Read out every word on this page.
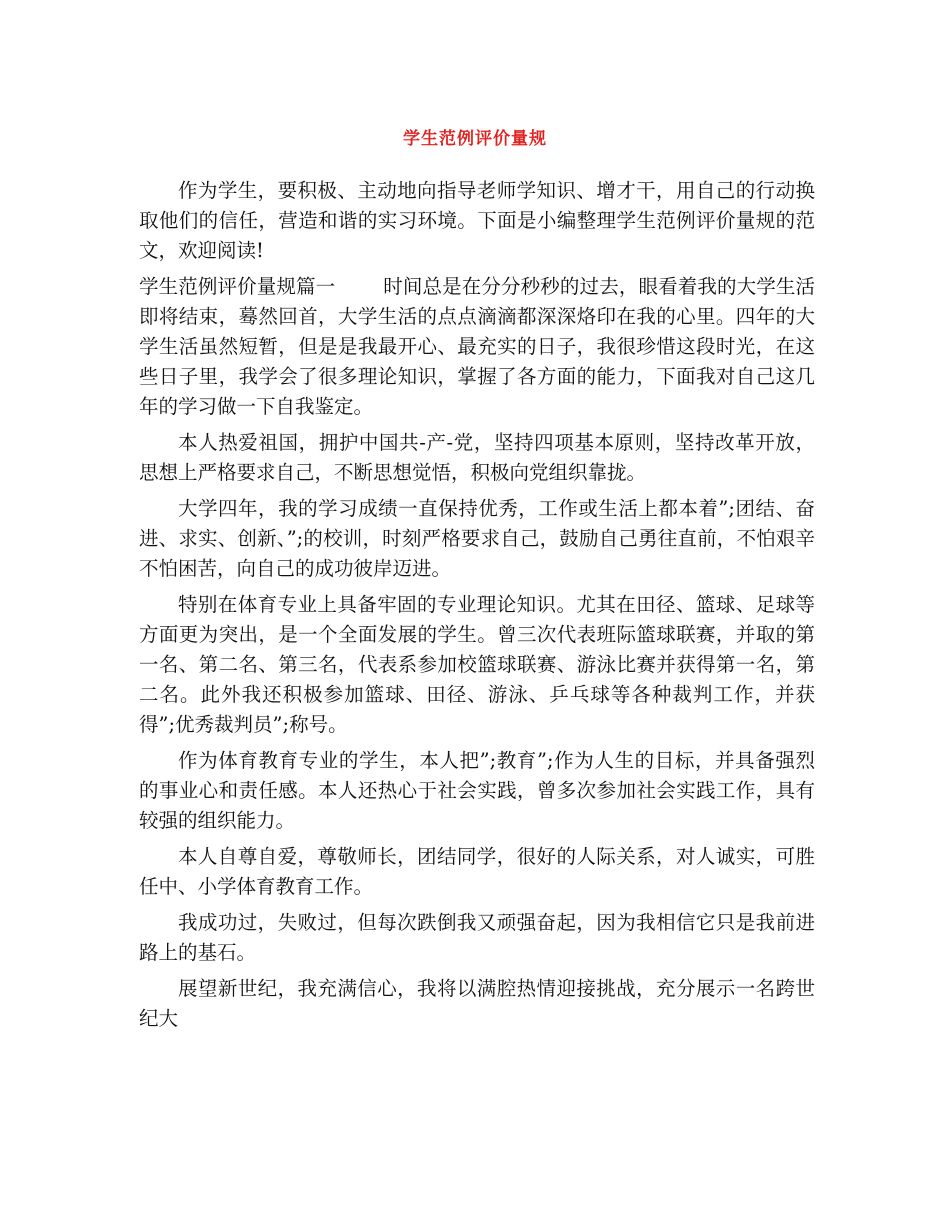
学生范例评价量规

作为学生，要积极、主动地向指导老师学知识、增才干，用自己的行动换取他们的信任，营造和谐的实习环境。下面是小编整理学生范例评价量规的范文，欢迎阅读!

学生范例评价量规篇一 时间总是在分分秒秒的过去，眼看着我的大学生活即将结束，蓦然回首，大学生活的点点滴滴都深深烙印在我的心里。四年的大学生活虽然短暂，但是是我最开心、最充实的日子，我很珍惜这段时光，在这些日子里，我学会了很多理论知识，掌握了各方面的能力，下面我对自己这几年的学习做一下自我鉴定。

本人热爱祖国，拥护中国共-产-党，坚持四项基本原则，坚持改革开放，思想上严格要求自己，不断思想觉悟，积极向党组织靠拢。

大学四年，我的学习成绩一直保持优秀，工作或生活上都本着”;团结、奋进、求实、创新、”;的校训，时刻严格要求自己，鼓励自己勇往直前，不怕艰辛不怕困苦，向自己的成功彼岸迈进。

特别在体育专业上具备牢固的专业理论知识。尤其在田径、篮球、足球等方面更为突出，是一个全面发展的学生。曾三次代表班际篮球联赛，并取的第一名、第二名、第三名，代表系参加校篮球联赛、游泳比赛并获得第一名，第二名。此外我还积极参加篮球、田径、游泳、乒乓球等各种裁判工作，并获得”;优秀裁判员”;称号。

作为体育教育专业的学生，本人把”;教育”;作为人生的目标，并具备强烈的事业心和责任感。本人还热心于社会实践，曾多次参加社会实践工作，具有较强的组织能力。

本人自尊自爱，尊敬师长，团结同学，很好的人际关系，对人诚实，可胜任中、小学体育教育工作。

我成功过，失败过，但每次跌倒我又顽强奋起，因为我相信它只是我前进路上的基石。

展望新世纪，我充满信心，我将以满腔热情迎接挑战，充分展示一名跨世纪大
